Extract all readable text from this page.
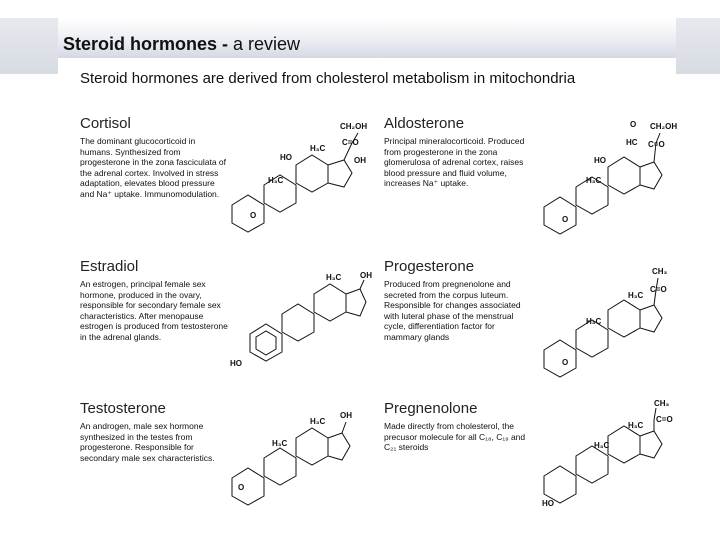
Steroid hormones - a review
Steroid hormones are derived from cholesterol metabolism in mitochondria
Cortisol
The dominant glucocorticoid in humans. Synthesized from progesterone in the zona fasciculata of the adrenal cortex. Involved in stress adaptation, elevates blood pressure and Na⁺ uptake. Immunomodulation.
CH₂OH
C=O
H₃C
OH
HO
H₃C
O
Aldosterone
Principal mineralocorticoid. Produced from progesterone in the zona glomerulosa of adrenal cortex, raises blood pressure and fluid volume, increases Na⁺ uptake.
CH₂OH
C=O
O
HC
HO
H₃C
O
Estradiol
An estrogen, principal female sex hormone, produced in the ovary, responsible for secondary female sex characteristics. After menopause estrogen is produced from testosterone in the adrenal glands.
OH
H₃C
HO
Progesterone
Produced from pregnenolone and secreted from the corpus luteum. Responsible for changes associated with luteral phase of the menstrual cycle, differentiation factor for mammary glands
CH₃
C=O
H₃C
H₃C
O
Testosterone
An androgen, male sex hormone synthesized in the testes from progesterone. Responsible for secondary male sex characteristics.
OH
H₃C
H₃C
O
Pregnenolone
Made directly from cholesterol, the precusor molecule for all C₁₈, C₁₉ and C₂₁ steroids
CH₃
C=O
H₃C
H₃C
HO
